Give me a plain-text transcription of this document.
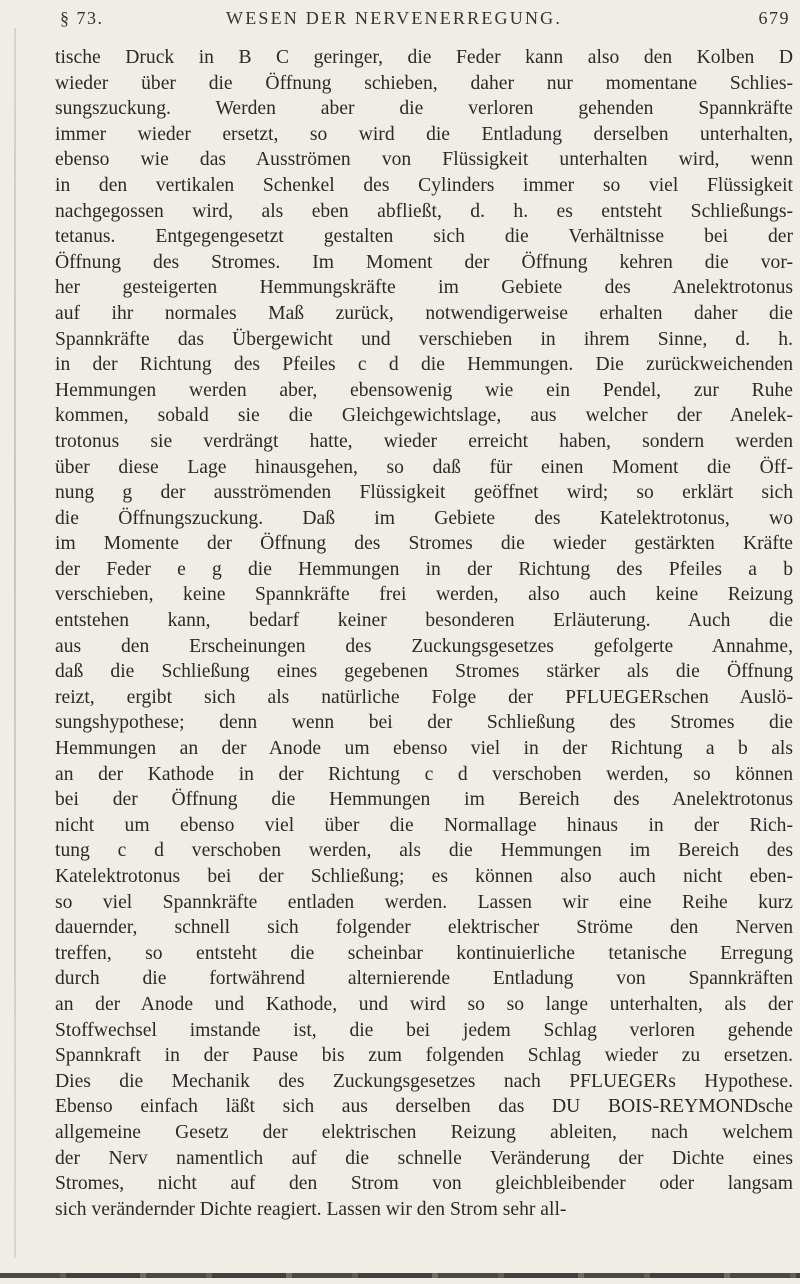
§ 73.	WESEN DER NERVENERREGUNG.	679
tische Druck in B C geringer, die Feder kann also den Kolben D
wieder über die Öffnung schieben, daher nur momentane Schlies-
sungszuckung. Werden aber die verloren gehenden Spannkräfte
immer wieder ersetzt, so wird die Entladung derselben unterhalten,
ebenso wie das Ausströmen von Flüssigkeit unterhalten wird, wenn
in den vertikalen Schenkel des Cylinders immer so viel Flüssigkeit
nachgegossen wird, als eben abfließt, d. h. es entsteht Schließungs-
tetanus. Entgegengesetzt gestalten sich die Verhältnisse bei der
Öffnung des Stromes. Im Moment der Öffnung kehren die vor-
her gesteigerten Hemmungskräfte im Gebiete des Anelektrotonus
auf ihr normales Maß zurück, notwendigerweise erhalten daher die
Spannkräfte das Übergewicht und verschieben in ihrem Sinne, d. h.
in der Richtung des Pfeiles c d die Hemmungen. Die zurückweichenden
Hemmungen werden aber, ebensowenig wie ein Pendel, zur Ruhe
kommen, sobald sie die Gleichgewichtslage, aus welcher der Anelek-
trotonus sie verdrängt hatte, wieder erreicht haben, sondern werden
über diese Lage hinausgehen, so daß für einen Moment die Öff-
nung g der ausströmenden Flüssigkeit geöffnet wird; so erklärt sich
die Öffnungszuckung. Daß im Gebiete des Katelektrotonus, wo
im Momente der Öffnung des Stromes die wieder gestärkten Kräfte
der Feder e g die Hemmungen in der Richtung des Pfeiles a b
verschieben, keine Spannkräfte frei werden, also auch keine Reizung
entstehen kann, bedarf keiner besonderen Erläuterung. Auch die
aus den Erscheinungen des Zuckungsgesetzes gefolgerte Annahme,
daß die Schließung eines gegebenen Stromes stärker als die Öffnung
reizt, ergibt sich als natürliche Folge der PFLUEGERschen Auslö-
sungshypothese; denn wenn bei der Schließung des Stromes die
Hemmungen an der Anode um ebenso viel in der Richtung a b als
an der Kathode in der Richtung c d verschoben werden, so können
bei der Öffnung die Hemmungen im Bereich des Anelektrotonus
nicht um ebenso viel über die Normallage hinaus in der Rich-
tung c d verschoben werden, als die Hemmungen im Bereich des
Katelektrotonus bei der Schließung; es können also auch nicht eben-
so viel Spannkräfte entladen werden. Lassen wir eine Reihe kurz
dauernder, schnell sich folgender elektrischer Ströme den Nerven
treffen, so entsteht die scheinbar kontinuierliche tetanische Erregung
durch die fortwährend alternierende Entladung von Spannkräften
an der Anode und Kathode, und wird so so lange unterhalten, als der
Stoffwechsel imstande ist, die bei jedem Schlag verloren gehende
Spannkraft in der Pause bis zum folgenden Schlag wieder zu ersetzen.
Dies die Mechanik des Zuckungsgesetzes nach PFLUEGERs Hypothese.
Ebenso einfach läßt sich aus derselben das DU BOIS-REYMONDsche
allgemeine Gesetz der elektrischen Reizung ableiten, nach welchem
der Nerv namentlich auf die schnelle Veränderung der Dichte eines
Stromes, nicht auf den Strom von gleichbleibender oder langsam
sich verändernder Dichte reagiert. Lassen wir den Strom sehr all-
